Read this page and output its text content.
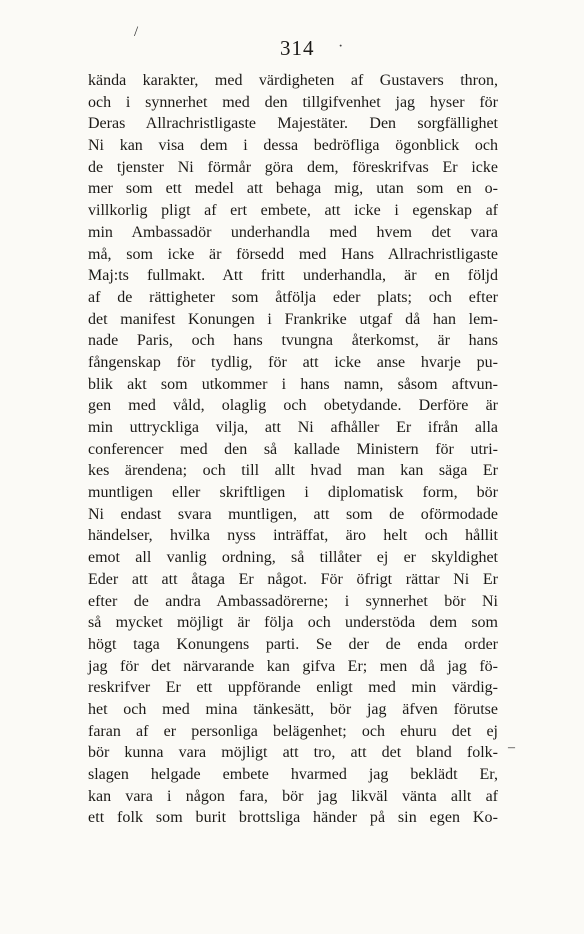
/
314 ·
kända karakter, med värdigheten af Gustavers thron,
och i synnerhet med den tillgifvenhet jag hyser för
Deras Allrachristligaste Majestäter. Den sorgfällighet
Ni kan visa dem i dessa bedröfliga ögonblick och
de tjenster Ni förmår göra dem, föreskrifvas Er icke
mer som ett medel att behaga mig, utan som en o-
villkorlig pligt af ert embete, att icke i egenskap af
min Ambassadör underhandla med hvem det vara
må, som icke är försedd med Hans Allrachristligaste
Maj:ts fullmakt. Att fritt underhandla, är en följd
af de rättigheter som åtfölja eder plats; och efter
det manifest Konungen i Frankrike utgaf då han lem-
nade Paris, och hans tvungna återkomst, är hans
fångenskap för tydlig, för att icke anse hvarje pu-
blik akt som utkommer i hans namn, såsom aftvun-
gen med våld, olaglig och obetydande. Derföre är
min uttryckliga vilja, att Ni afhåller Er ifrån alla
conferencer med den så kallade Ministern för utri-
kes ärendena; och till allt hvad man kan säga Er
muntligen eller skriftligen i diplomatisk form, bör
Ni endast svara muntligen, att som de oförmodade
händelser, hvilka nyss inträffat, äro helt och hållit
emot all vanlig ordning, så tillåter ej er skyldighet
Eder att att åtaga Er något. För öfrigt rättar Ni Er
efter de andra Ambassadörerne; i synnerhet bör Ni
så mycket möjligt är följa och understöda dem som
högt taga Konungens parti. Se der de enda order
jag för det närvarande kan gifva Er; men då jag fö-
reskrifver Er ett uppförande enligt med min värdig-
het och med mina tänkesätt, bör jag äfven förutse
faran af er personliga belägenhet; och ehuru det ej
bör kunna vara möjligt att tro, att det bland folk-
slagen helgade embete hvarmed jag beklädt Er,
kan vara i någon fara, bör jag likväl vänta allt af
ett folk som burit brottsliga händer på sin egen Ko-
–
